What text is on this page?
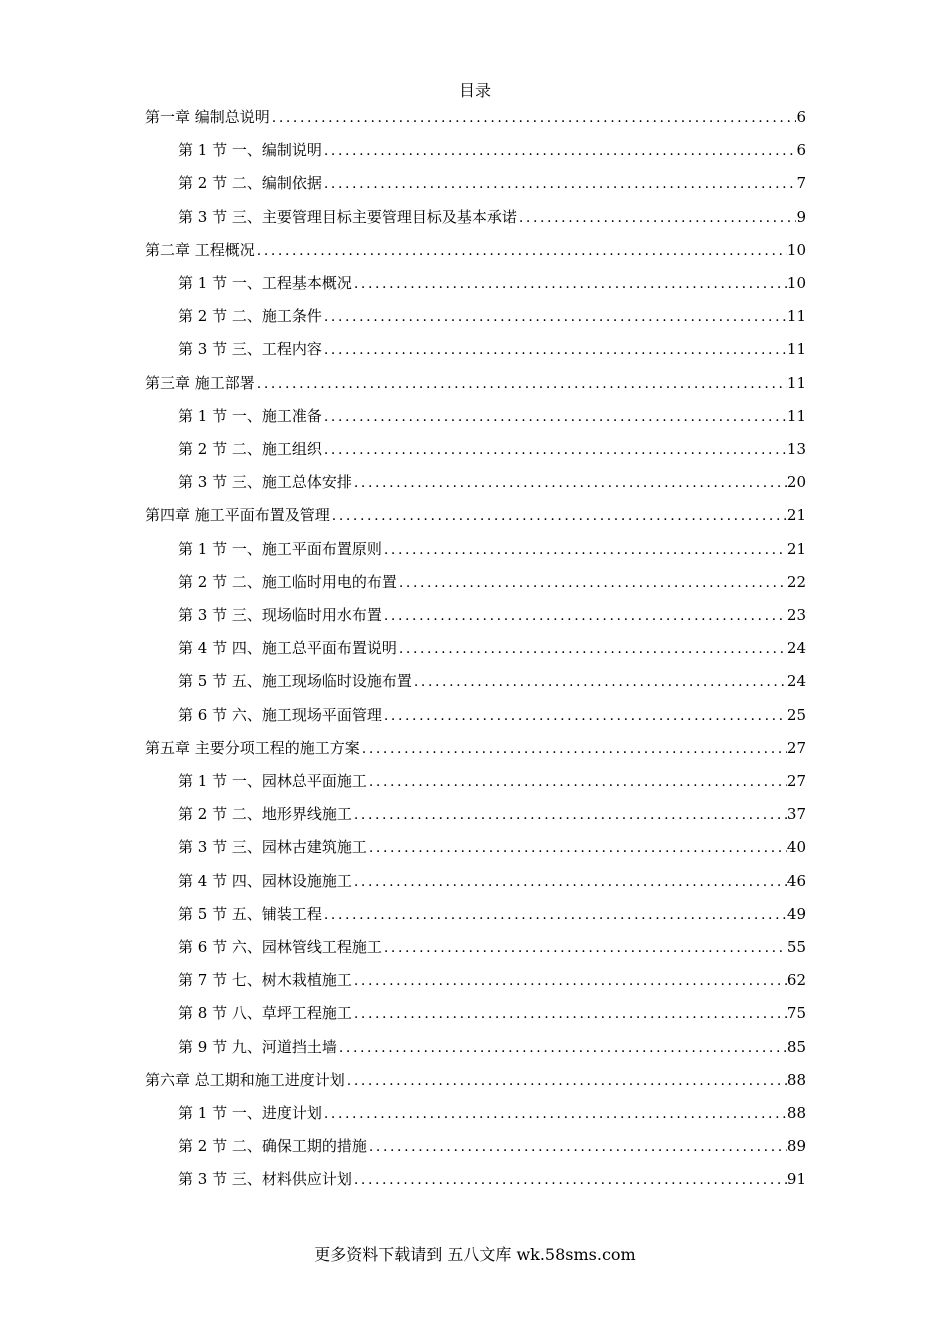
目录
第一章 编制总说明 .....	6
第 1 节 一、编制说明 .....	6
第 2 节 二、编制依据 .....	7
第 3 节 三、主要管理目标主要管理目标及基本承诺 .....	9
第二章 工程概况 .....	10
第 1 节 一、工程基本概况 .....	10
第 2 节 二、施工条件 .....	11
第 3 节 三、工程内容 .....	11
第三章 施工部署 .....	11
第 1 节 一、施工准备 .....	11
第 2 节 二、施工组织 .....	13
第 3 节 三、施工总体安排 .....	20
第四章 施工平面布置及管理 .....	21
第 1 节 一、施工平面布置原则 .....	21
第 2 节 二、施工临时用电的布置 .....	22
第 3 节 三、现场临时用水布置 .....	23
第 4 节 四、施工总平面布置说明 .....	24
第 5 节 五、施工现场临时设施布置 .....	24
第 6 节 六、施工现场平面管理 .....	25
第五章 主要分项工程的施工方案 .....	27
第 1 节 一、园林总平面施工 .....	27
第 2 节 二、地形界线施工 .....	37
第 3 节 三、园林古建筑施工 .....	40
第 4 节 四、园林设施施工 .....	46
第 5 节 五、铺装工程 .....	49
第 6 节 六、园林管线工程施工 .....	55
第 7 节 七、树木栽植施工 .....	62
第 8 节 八、草坪工程施工 .....	75
第 9 节 九、河道挡土墙 .....	85
第六章 总工期和施工进度计划 .....	88
第 1 节 一、进度计划 .....	88
第 2 节 二、确保工期的措施 .....	89
第 3 节 三、材料供应计划 .....	91
更多资料下载请到 五八文库 wk.58sms.com
